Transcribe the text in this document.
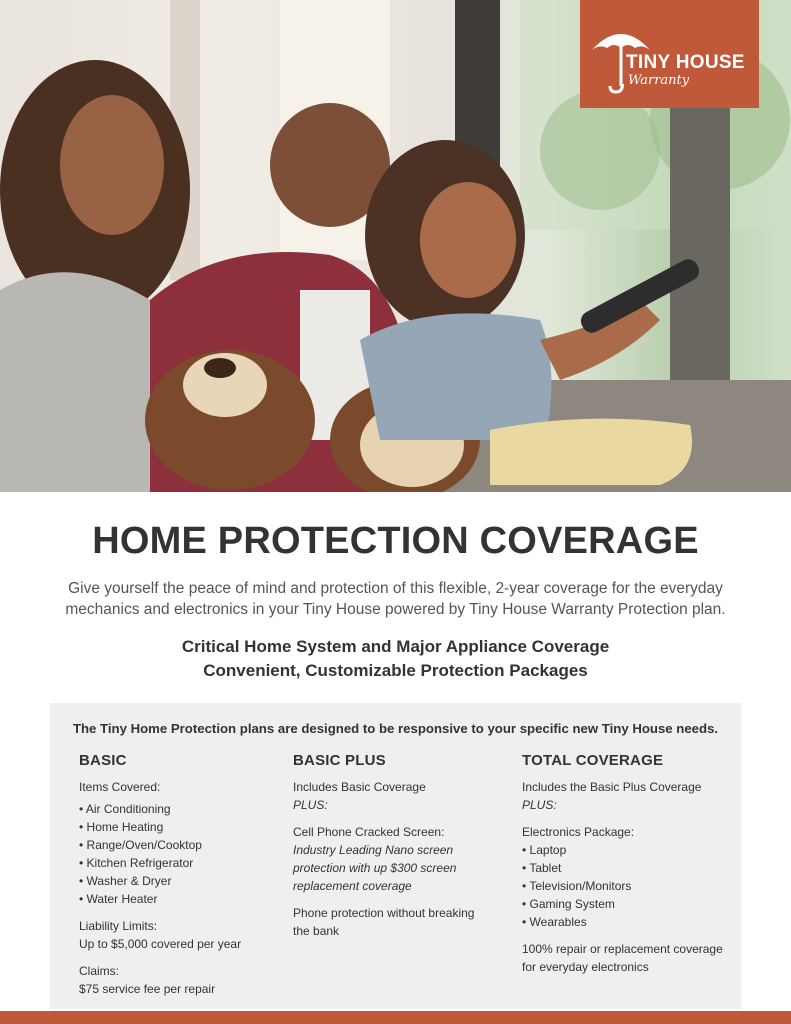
TINY HOUSE
Warranty
HOME PROTECTION COVERAGE
Give yourself the peace of mind and protection of this flexible, 2-year coverage for the everyday mechanics and electronics in your Tiny House powered by Tiny House Warranty Protection plan.
Critical Home System and Major Appliance Coverage
Convenient, Customizable Protection Packages
The Tiny Home Protection plans are designed to be responsive to your specific new Tiny House needs.
BASIC

Items Covered:

• Air Conditioning
• Home Heating
• Range/Oven/Cooktop
• Kitchen Refrigerator
• Washer & Dryer
• Water Heater

Liability Limits:

Up to $5,000 covered per year

Claims:

$75 service fee per repair

BASIC PLUS

Includes Basic Coverage

PLUS:

Cell Phone Cracked Screen:

Industry Leading Nano screen protection with up $300 screen replacement coverage

Phone protection without breaking the bank

TOTAL COVERAGE

Includes the Basic Plus Coverage

PLUS:

Electronics Package:

• Laptop
• Tablet
• Television/Monitors
• Gaming System
• Wearables

100% repair or replacement coverage for everyday electronics
